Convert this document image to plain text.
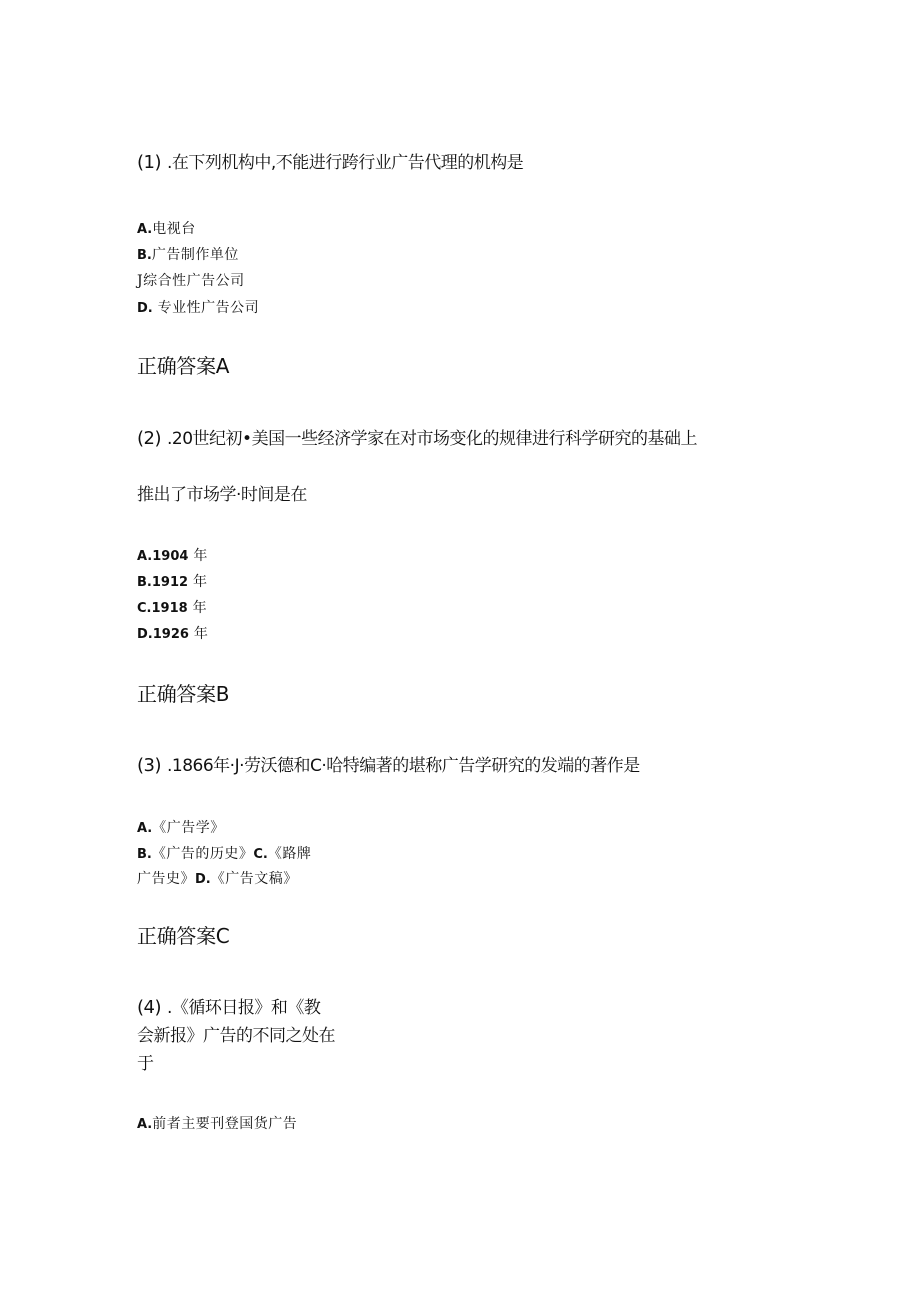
(1) .在下列机构中,不能进行跨行业广告代理的机构是
A.电视台
B.广告制作单位
J综合性广告公司
D. 专业性广告公司
正确答案A
(2) .20世纪初•美国一些经济学家在对市场变化的规律进行科学研究的基础上
推出了市场学·时间是在
A.1904 年
B.1912 年
C.1918 年
D.1926 年
正确答案B
(3) .1866年·J·劳沃德和C·哈特编著的堪称广告学研究的发端的著作是
A.《广告学》
B.《广告的历史》C.《路牌
广告史》D.《广告文稿》
正确答案C
(4) .《循环日报》和《教
会新报》广告的不同之处在
于
A.前者主要刊登国货广告
